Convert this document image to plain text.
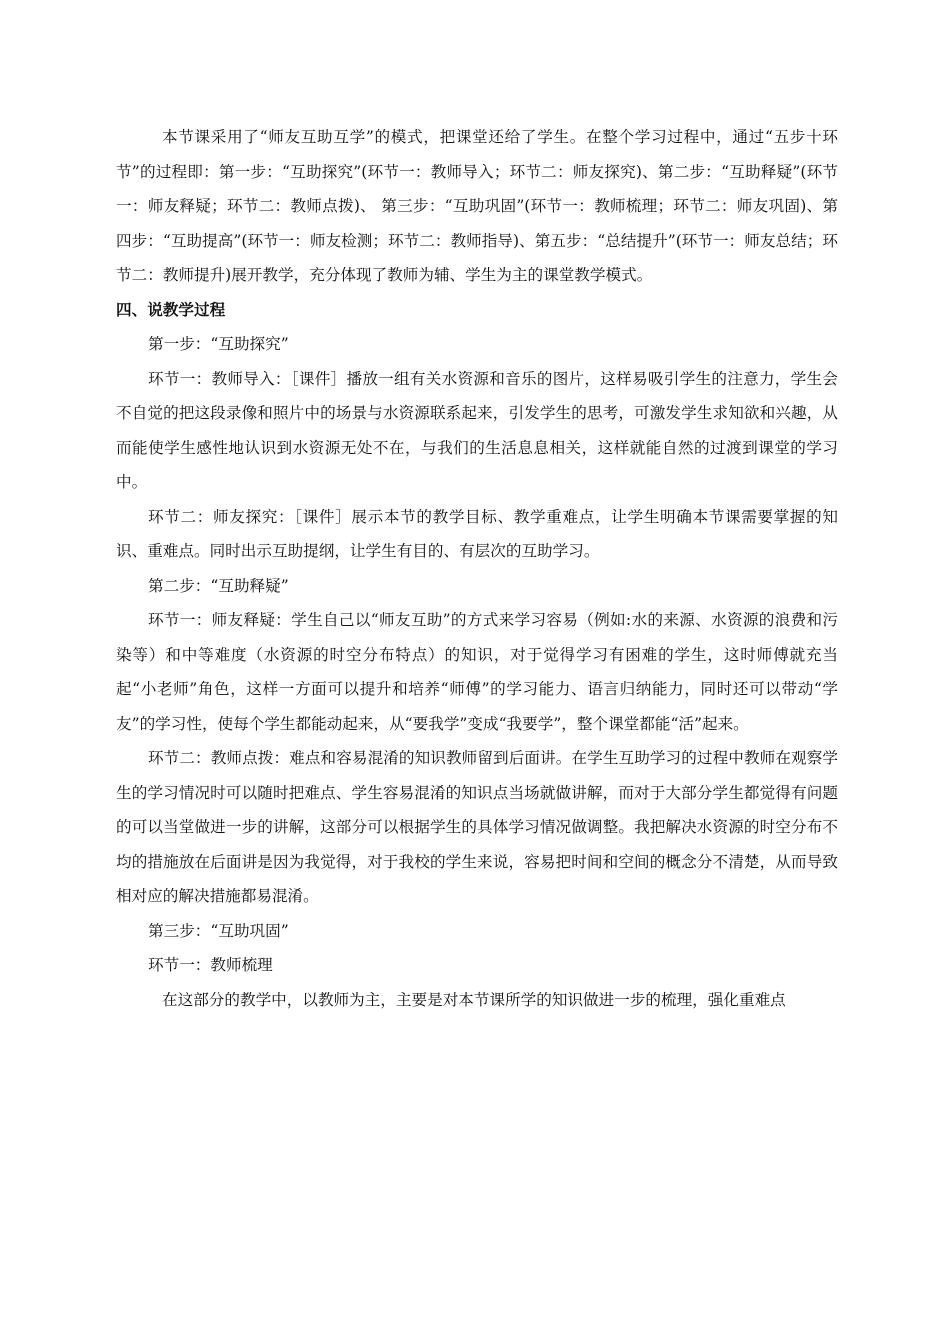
本节课采用了“师友互助互学”的模式，把课堂还给了学生。在整个学习过程中，通过“五步十环节”的过程即：第一步：“互助探究”(环节一：教师导入；环节二：师友探究)、第二步：“互助释疑”(环节一：师友释疑；环节二：教师点拨)、 第三步：“互助巩固”(环节一：教师梳理；环节二：师友巩固)、第四步：“互助提高”(环节一：师友检测；环节二：教师指导)、第五步：“总结提升”(环节一：师友总结；环节二：教师提升)展开教学，充分体现了教师为辅、学生为主的课堂教学模式。

四、说教学过程

第一步：“互助探究”

环节一：教师导入：［课件］播放一组有关水资源和音乐的图片，这样易吸引学生的注意力，学生会不自觉的把这段录像和照片中的场景与水资源联系起来，引发学生的思考，可激发学生求知欲和兴趣，从而能使学生感性地认识到水资源无处不在，与我们的生活息息相关，这样就能自然的过渡到课堂的学习中。

环节二：师友探究：［课件］展示本节的教学目标、教学重难点，让学生明确本节课需要掌握的知识、重难点。同时出示互助提纲，让学生有目的、有层次的互助学习。

第二步：“互助释疑”

环节一：师友释疑：学生自己以“师友互助”的方式来学习容易（例如:水的来源、水资源的浪费和污染等）和中等难度（水资源的时空分布特点）的知识，对于觉得学习有困难的学生，这时师傅就充当起“小老师”角色，这样一方面可以提升和培养“师傅”的学习能力、语言归纳能力，同时还可以带动“学友”的学习性，使每个学生都能动起来，从“要我学”变成“我要学”，整个课堂都能“活”起来。

环节二：教师点拨：难点和容易混淆的知识教师留到后面讲。在学生互助学习的过程中教师在观察学生的学习情况时可以随时把难点、学生容易混淆的知识点当场就做讲解，而对于大部分学生都觉得有问题的可以当堂做进一步的讲解，这部分可以根据学生的具体学习情况做调整。我把解决水资源的时空分布不均的措施放在后面讲是因为我觉得，对于我校的学生来说，容易把时间和空间的概念分不清楚，从而导致相对应的解决措施都易混淆。

第三步：“互助巩固”

环节一：教师梳理

在这部分的教学中，以教师为主，主要是对本节课所学的知识做进一步的梳理，强化重难点
